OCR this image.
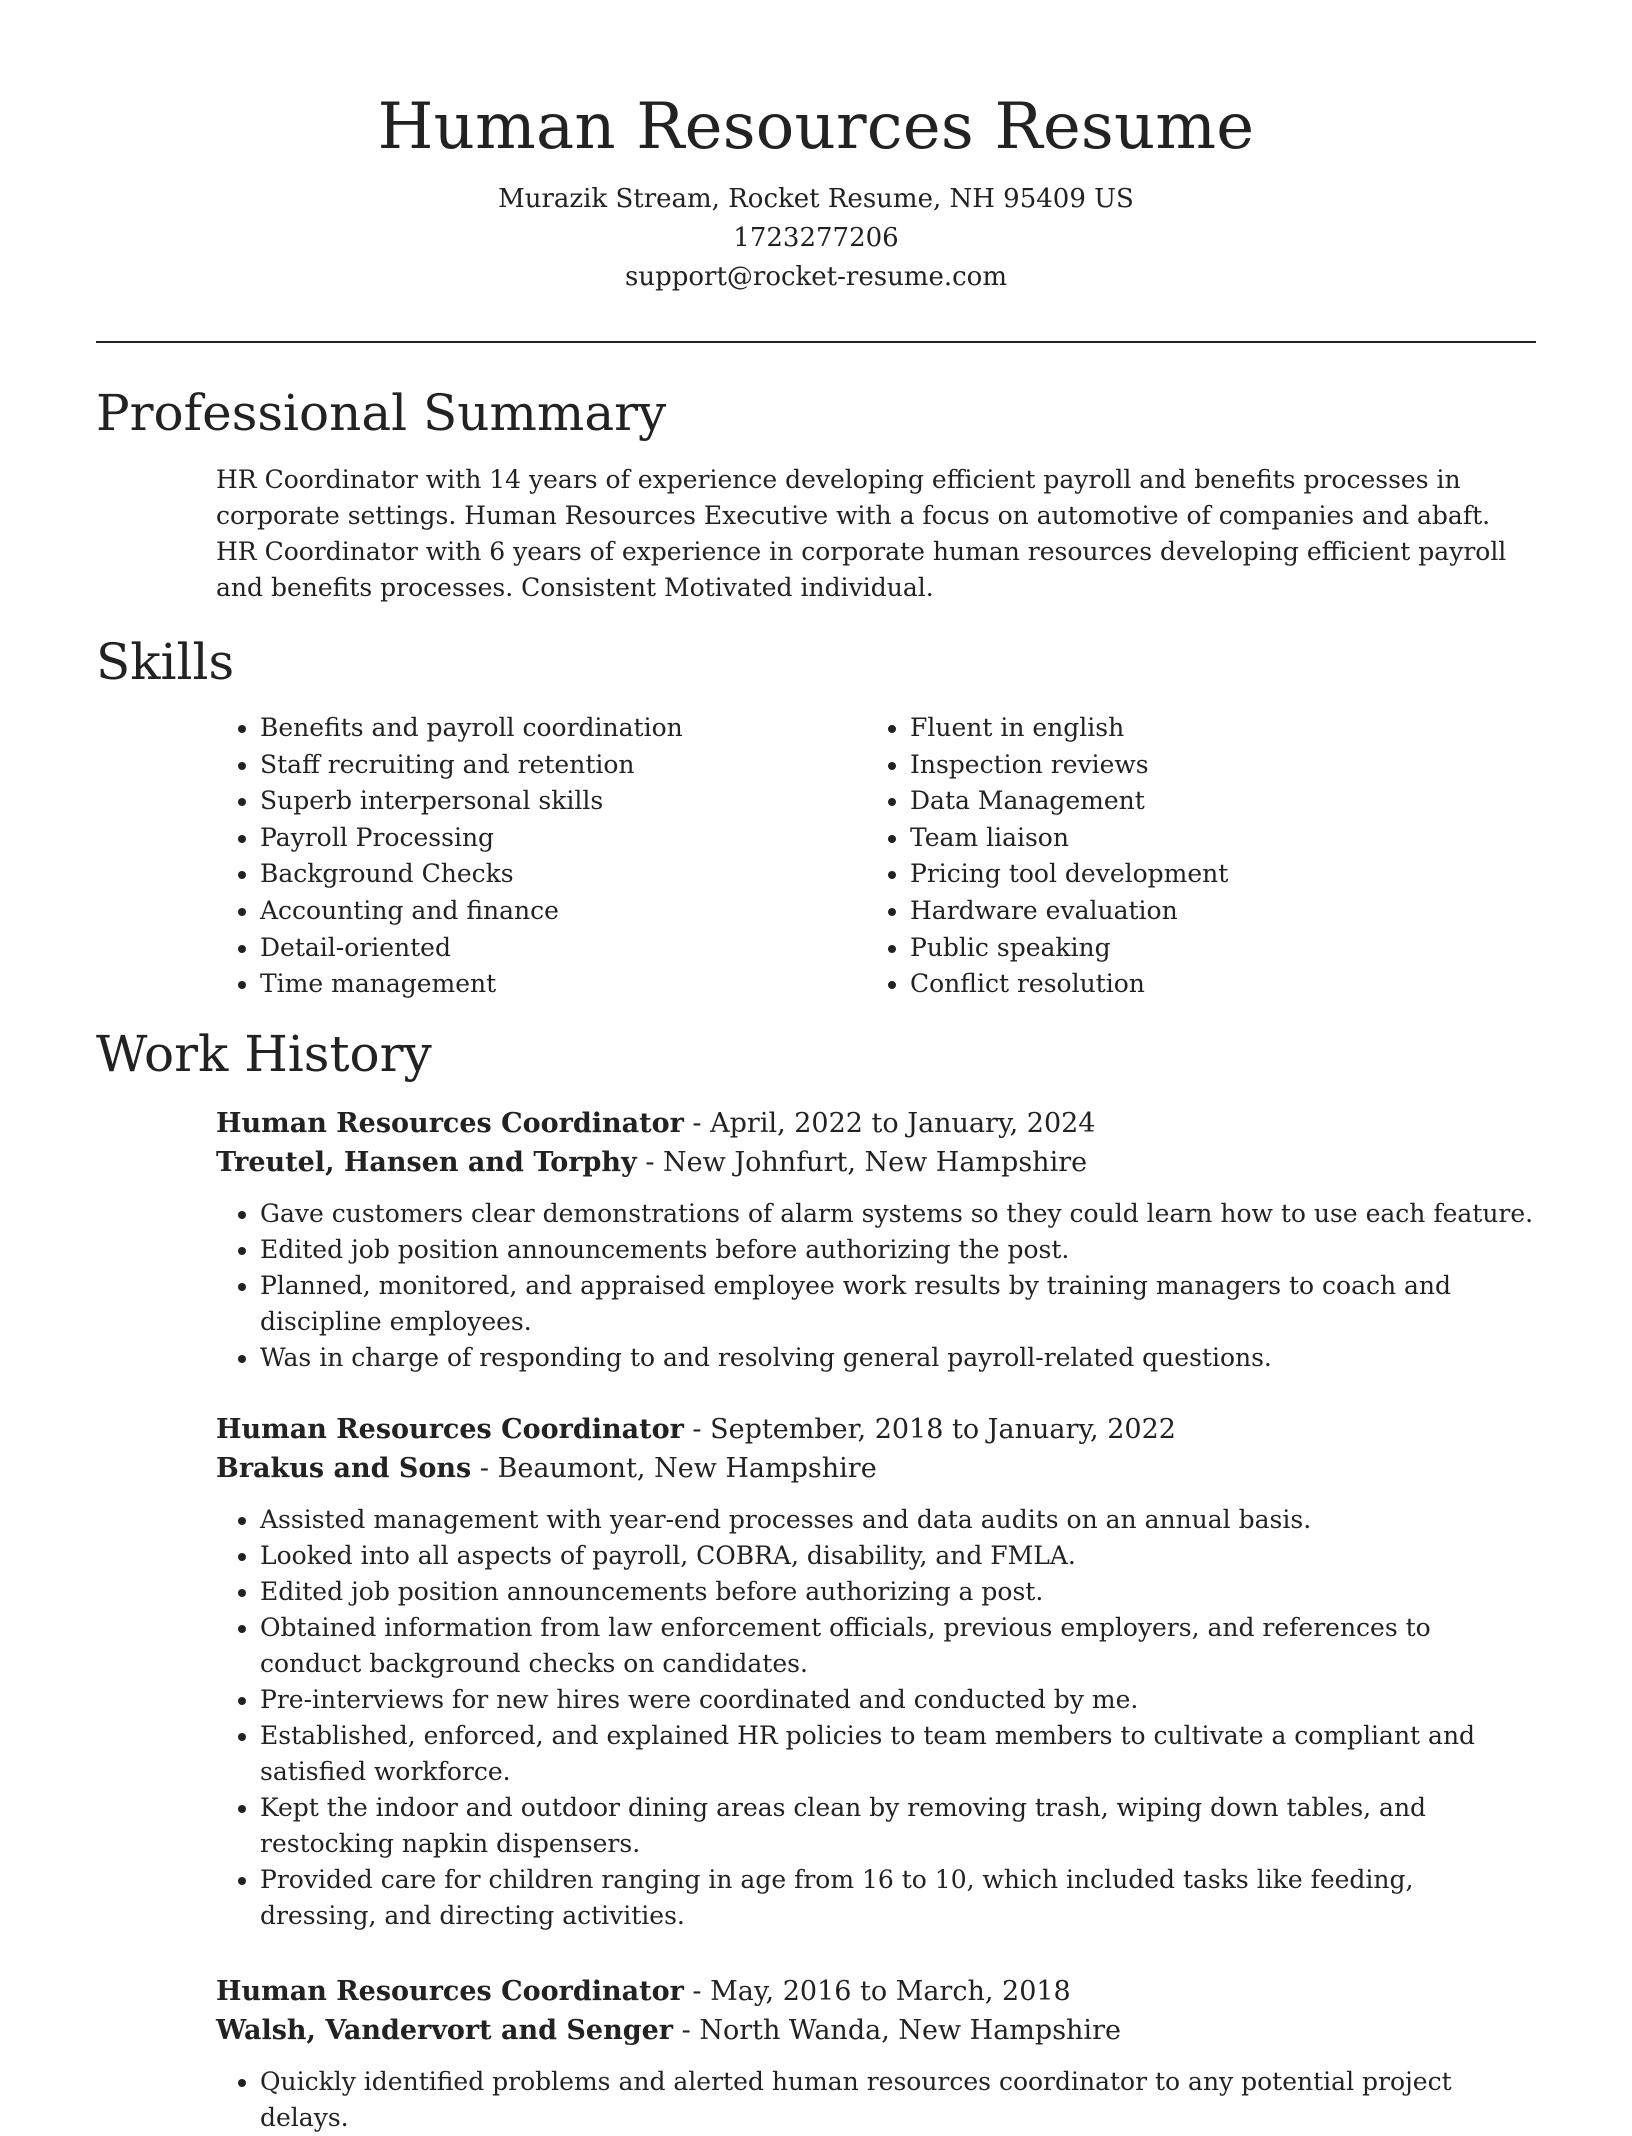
Human Resources Resume

Murazik Stream, Rocket Resume, NH 95409 US

1723277206

support@rocket-resume.com

Professional Summary

HR Coordinator with 14 years of experience developing efficient payroll and benefits processes in corporate settings. Human Resources Executive with a focus on automotive of companies and abaft. HR Coordinator with 6 years of experience in corporate human resources developing efficient payroll and benefits processes. Consistent Motivated individual.

Skills
• Benefits and payroll coordination
• Staff recruiting and retention
• Superb interpersonal skills
• Payroll Processing
• Background Checks
• Accounting and finance
• Detail-oriented
• Time management
• Fluent in english
• Inspection reviews
• Data Management
• Team liaison
• Pricing tool development
• Hardware evaluation
• Public speaking
• Conflict resolution
Work History

Human Resources Coordinator - April, 2022 to January, 2024

Treutel, Hansen and Torphy - New Johnfurt, New Hampshire

• Gave customers clear demonstrations of alarm systems so they could learn how to use each feature.
• Edited job position announcements before authorizing the post.
• Planned, monitored, and appraised employee work results by training managers to coach and discipline employees.
• Was in charge of responding to and resolving general payroll-related questions.

Human Resources Coordinator - September, 2018 to January, 2022

Brakus and Sons - Beaumont, New Hampshire

• Assisted management with year-end processes and data audits on an annual basis.
• Looked into all aspects of payroll, COBRA, disability, and FMLA.
• Edited job position announcements before authorizing a post.
• Obtained information from law enforcement officials, previous employers, and references to conduct background checks on candidates.
• Pre-interviews for new hires were coordinated and conducted by me.
• Established, enforced, and explained HR policies to team members to cultivate a compliant and satisfied workforce.
• Kept the indoor and outdoor dining areas clean by removing trash, wiping down tables, and restocking napkin dispensers.
• Provided care for children ranging in age from 16 to 10, which included tasks like feeding, dressing, and directing activities.

Human Resources Coordinator - May, 2016 to March, 2018

Walsh, Vandervort and Senger - North Wanda, New Hampshire

• Quickly identified problems and alerted human resources coordinator to any potential project delays.
